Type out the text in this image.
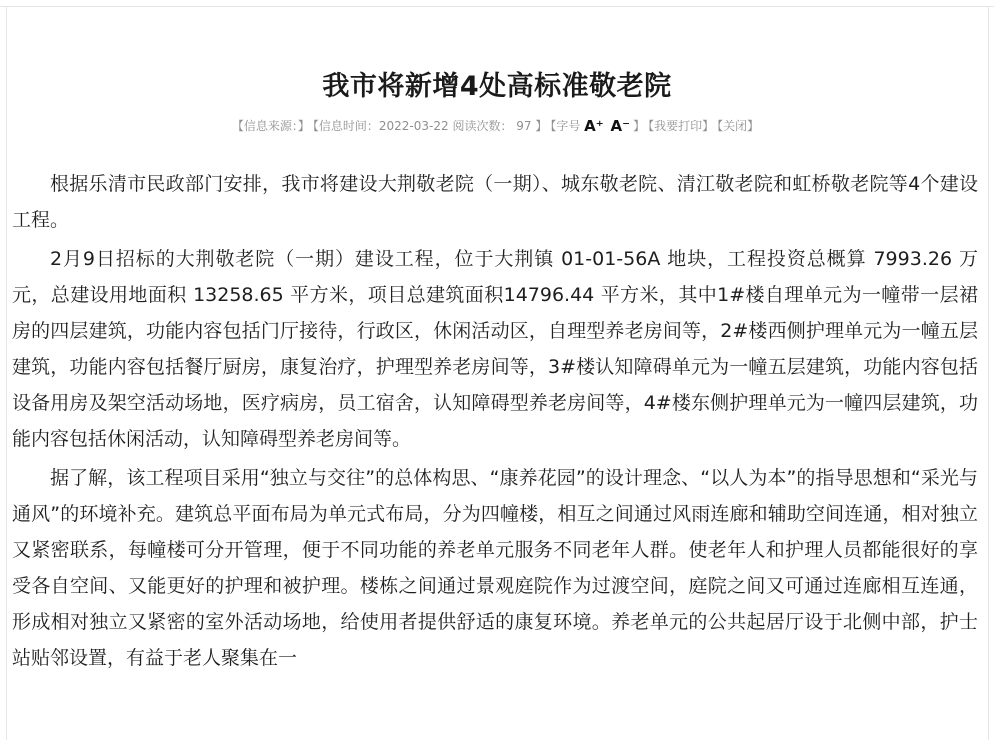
我市将新增4处高标准敬老院
【信息来源：】 【信息时间：2022-03-22 阅读次数： 97 】 【字号 A⁺ A⁻ 】 【我要打印】 【关闭】

根据乐清市民政部门安排，我市将建设大荆敬老院（一期）、城东敬老院、清江敬老院和虹桥敬老院等4个建设工程。

2月9日招标的大荆敬老院（一期）建设工程，位于大荆镇 01-01-56A 地块，工程投资总概算 7993.26 万元，总建设用地面积 13258.65 平方米，项目总建筑面积14796.44 平方米，其中1#楼自理单元为一幢带一层裙房的四层建筑，功能内容包括门厅接待，行政区，休闲活动区，自理型养老房间等，2#楼西侧护理单元为一幢五层建筑，功能内容包括餐厅厨房，康复治疗，护理型养老房间等，3#楼认知障碍单元为一幢五层建筑，功能内容包括设备用房及架空活动场地，医疗病房，员工宿舍，认知障碍型养老房间等，4#楼东侧护理单元为一幢四层建筑，功能内容包括休闲活动，认知障碍型养老房间等。

据了解，该工程项目采用“独立与交往”的总体构思、“康养花园”的设计理念、“以人为本”的指导思想和“采光与通风”的环境补充。建筑总平面布局为单元式布局，分为四幢楼，相互之间通过风雨连廊和辅助空间连通，相对独立又紧密联系，每幢楼可分开管理，便于不同功能的养老单元服务不同老年人群。使老年人和护理人员都能很好的享受各自空间、又能更好的护理和被护理。楼栋之间通过景观庭院作为过渡空间，庭院之间又可通过连廊相互连通，形成相对独立又紧密的室外活动场地，给使用者提供舒适的康复环境。养老单元的公共起居厅设于北侧中部，护士站贴邻设置，有益于老人聚集在一
